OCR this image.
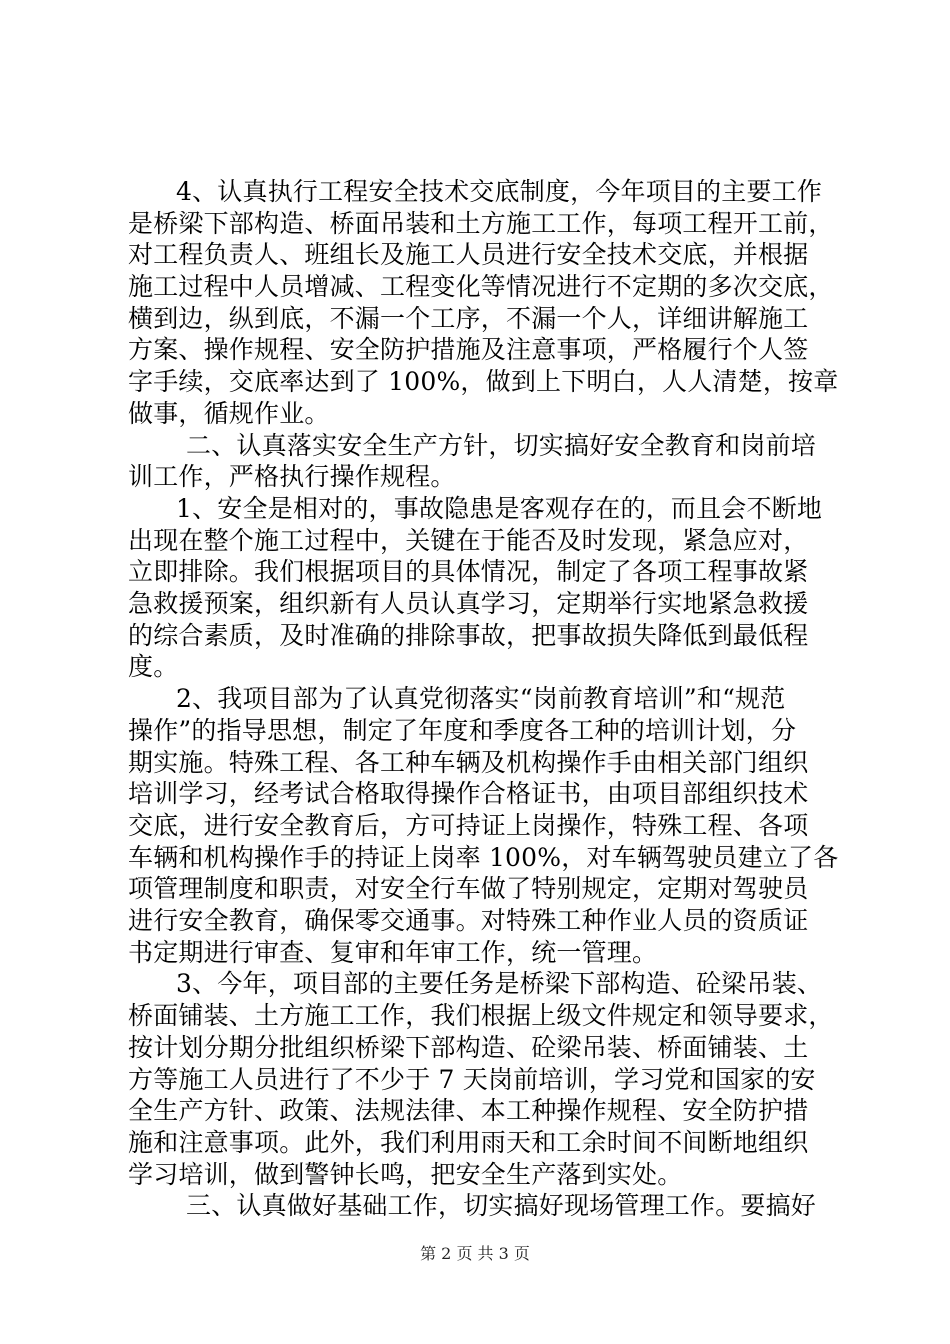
4、认真执行工程安全技术交底制度，今年项目的主要工作
是桥梁下部构造、桥面吊装和土方施工工作，每项工程开工前，
对工程负责人、班组长及施工人员进行安全技术交底，并根据
施工过程中人员增减、工程变化等情况进行不定期的多次交底，
横到边，纵到底，不漏一个工序，不漏一个人，详细讲解施工
方案、操作规程、安全防护措施及注意事项，严格履行个人签
字手续，交底率达到了 100%，做到上下明白，人人清楚，按章
做事，循规作业。
二、认真落实安全生产方针，切实搞好安全教育和岗前培
训工作，严格执行操作规程。
1、安全是相对的，事故隐患是客观存在的，而且会不断地
出现在整个施工过程中，关键在于能否及时发现，紧急应对，
立即排除。我们根据项目的具体情况，制定了各项工程事故紧
急救援预案，组织新有人员认真学习，定期举行实地紧急救援
的综合素质，及时准确的排除事故，把事故损失降低到最低程
度。
2、我项目部为了认真党彻落实“岗前教育培训”和“规范
操作”的指导思想，制定了年度和季度各工种的培训计划，分
期实施。特殊工程、各工种车辆及机构操作手由相关部门组织
培训学习，经考试合格取得操作合格证书，由项目部组织技术
交底，进行安全教育后，方可持证上岗操作，特殊工程、各项
车辆和机构操作手的持证上岗率 100%，对车辆驾驶员建立了各
项管理制度和职责，对安全行车做了特别规定，定期对驾驶员
进行安全教育，确保零交通事。对特殊工种作业人员的资质证
书定期进行审查、复审和年审工作，统一管理。
3、今年，项目部的主要任务是桥梁下部构造、砼梁吊装、
桥面铺装、土方施工工作，我们根据上级文件规定和领导要求，
按计划分期分批组织桥梁下部构造、砼梁吊装、桥面铺装、土
方等施工人员进行了不少于 7 天岗前培训，学习党和国家的安
全生产方针、政策、法规法律、本工种操作规程、安全防护措
施和注意事项。此外，我们利用雨天和工余时间不间断地组织
学习培训，做到警钟长鸣，把安全生产落到实处。
三、认真做好基础工作，切实搞好现场管理工作。要搞好
第 2 页 共 3 页
